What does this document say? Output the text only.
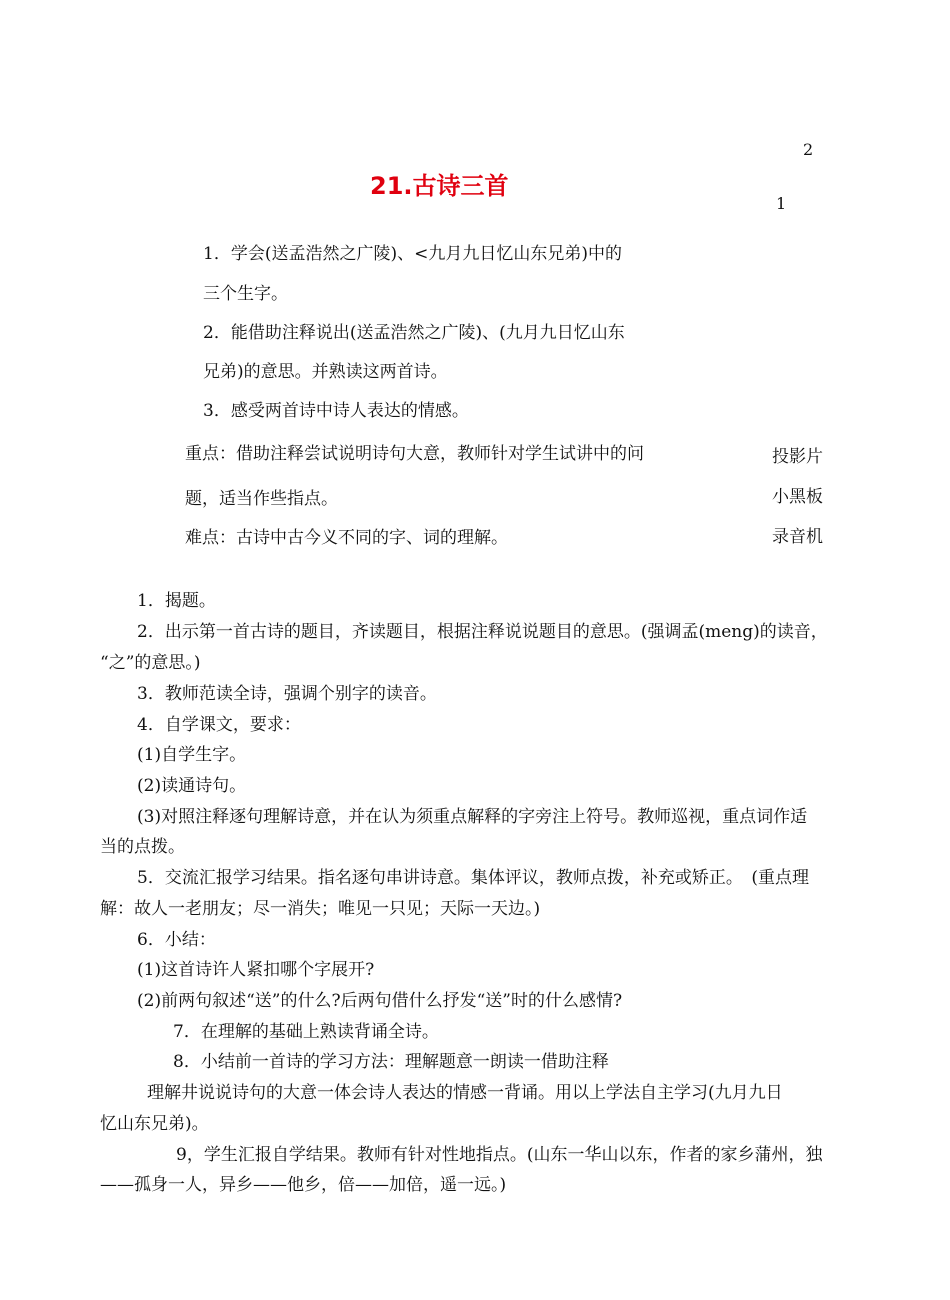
2
1
21.古诗三首
1．学会(送孟浩然之广陵)、<九月九日忆山东兄弟)中的
三个生字。
2．能借助注释说出(送孟浩然之广陵)、(九月九日忆山东
兄弟)的意思。并熟读这两首诗。
3．感受两首诗中诗人表达的情感。
重点：借助注释尝试说明诗句大意，教师针对学生试讲中的问
题，适当作些指点。
难点：古诗中古今义不同的字、词的理解。
投影片
小黑板
录音机
1．揭题。
2．出示第一首古诗的题目，齐读题目，根据注释说说题目的意思。(强调孟(meng)的读音，
“之”的意思。)
3．教师范读全诗，强调个别字的读音。
4．自学课文，要求：
(1)自学生字。
(2)读通诗句。
(3)对照注释逐句理解诗意，并在认为须重点解释的字旁注上符号。教师巡视，重点词作适
当的点拨。
5．交流汇报学习结果。指名逐句串讲诗意。集体评议，教师点拨，补充或矫正。　(重点理
解：故人一老朋友；尽一消失；唯见一只见；天际一天边。)
6．小结：
(1)这首诗许人紧扣哪个字展开?
(2)前两句叙述“送”的什么?后两句借什么抒发“送”时的什么感情?
7．在理解的基础上熟读背诵全诗。
8．小结前一首诗的学习方法：理解题意一朗读一借助注释
理解井说说诗句的大意一体会诗人表达的情感一背诵。用以上学法自主学习(九月九日
忆山东兄弟)。
9，学生汇报自学结果。教师有针对性地指点。(山东一华山以东，作者的家乡蒲州，独
——孤身一人，异乡——他乡，倍——加倍，遥一远。)
